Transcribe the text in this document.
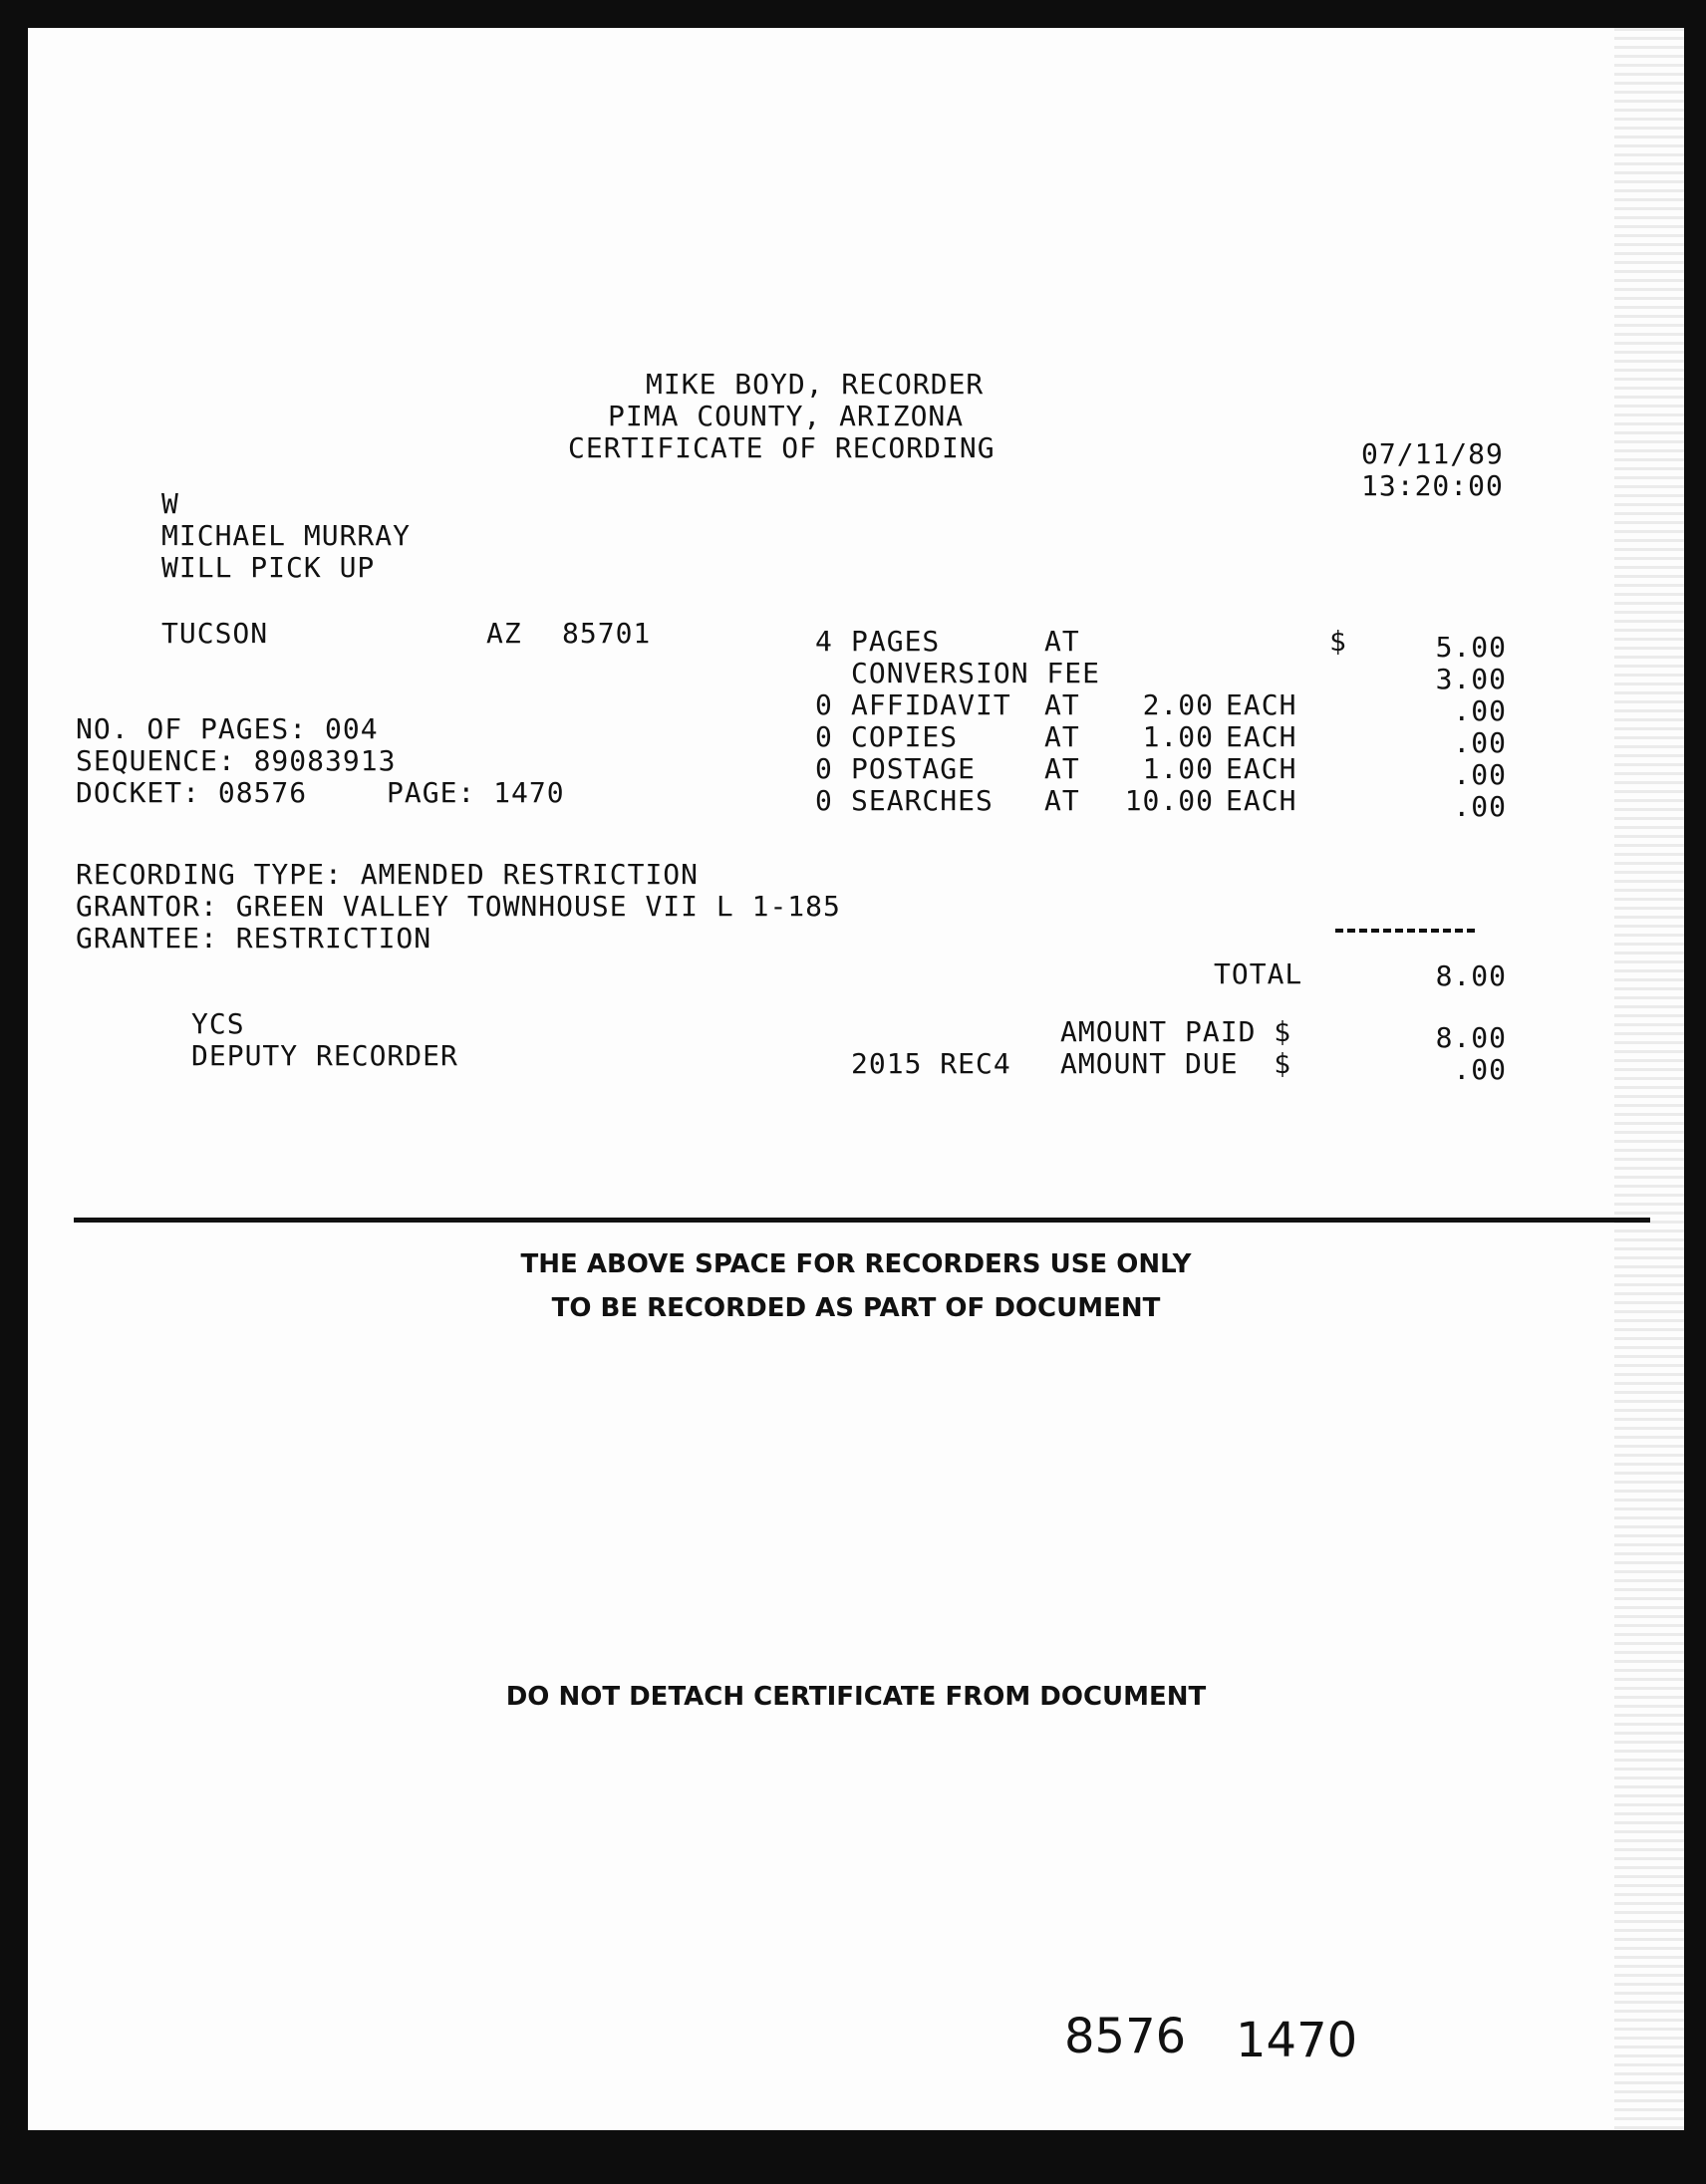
MIKE BOYD, RECORDER
PIMA COUNTY, ARIZONA
CERTIFICATE OF RECORDING	07/11/89
13:20:00
W
MICHAEL MURRAY
WILL PICK UP
TUCSON	AZ 85701
NO. OF PAGES: 004
SEQUENCE: 89083913
DOCKET: 08576	PAGE: 1470
4 PAGES	AT	$	5.00
CONVERSION FEE	3.00
0 AFFIDAVIT AT	2.00 EACH	.00
0 COPIES	AT	1.00 EACH	.00
0 POSTAGE AT	1.00 EACH	.00
0 SEARCHES AT	10.00 EACH	.00
RECORDING TYPE: AMENDED RESTRICTION
GRANTOR: GREEN VALLEY TOWNHOUSE VII L 1-185
GRANTEE: RESTRICTION
TOTAL	8.00
YCS
DEPUTY RECORDER
AMOUNT PAID $	8.00
2015 REC4 AMOUNT DUE  $	.00
THE ABOVE SPACE FOR RECORDERS USE ONLY
TO BE RECORDED AS PART OF DOCUMENT
DO NOT DETACH CERTIFICATE FROM DOCUMENT
8576 1470
